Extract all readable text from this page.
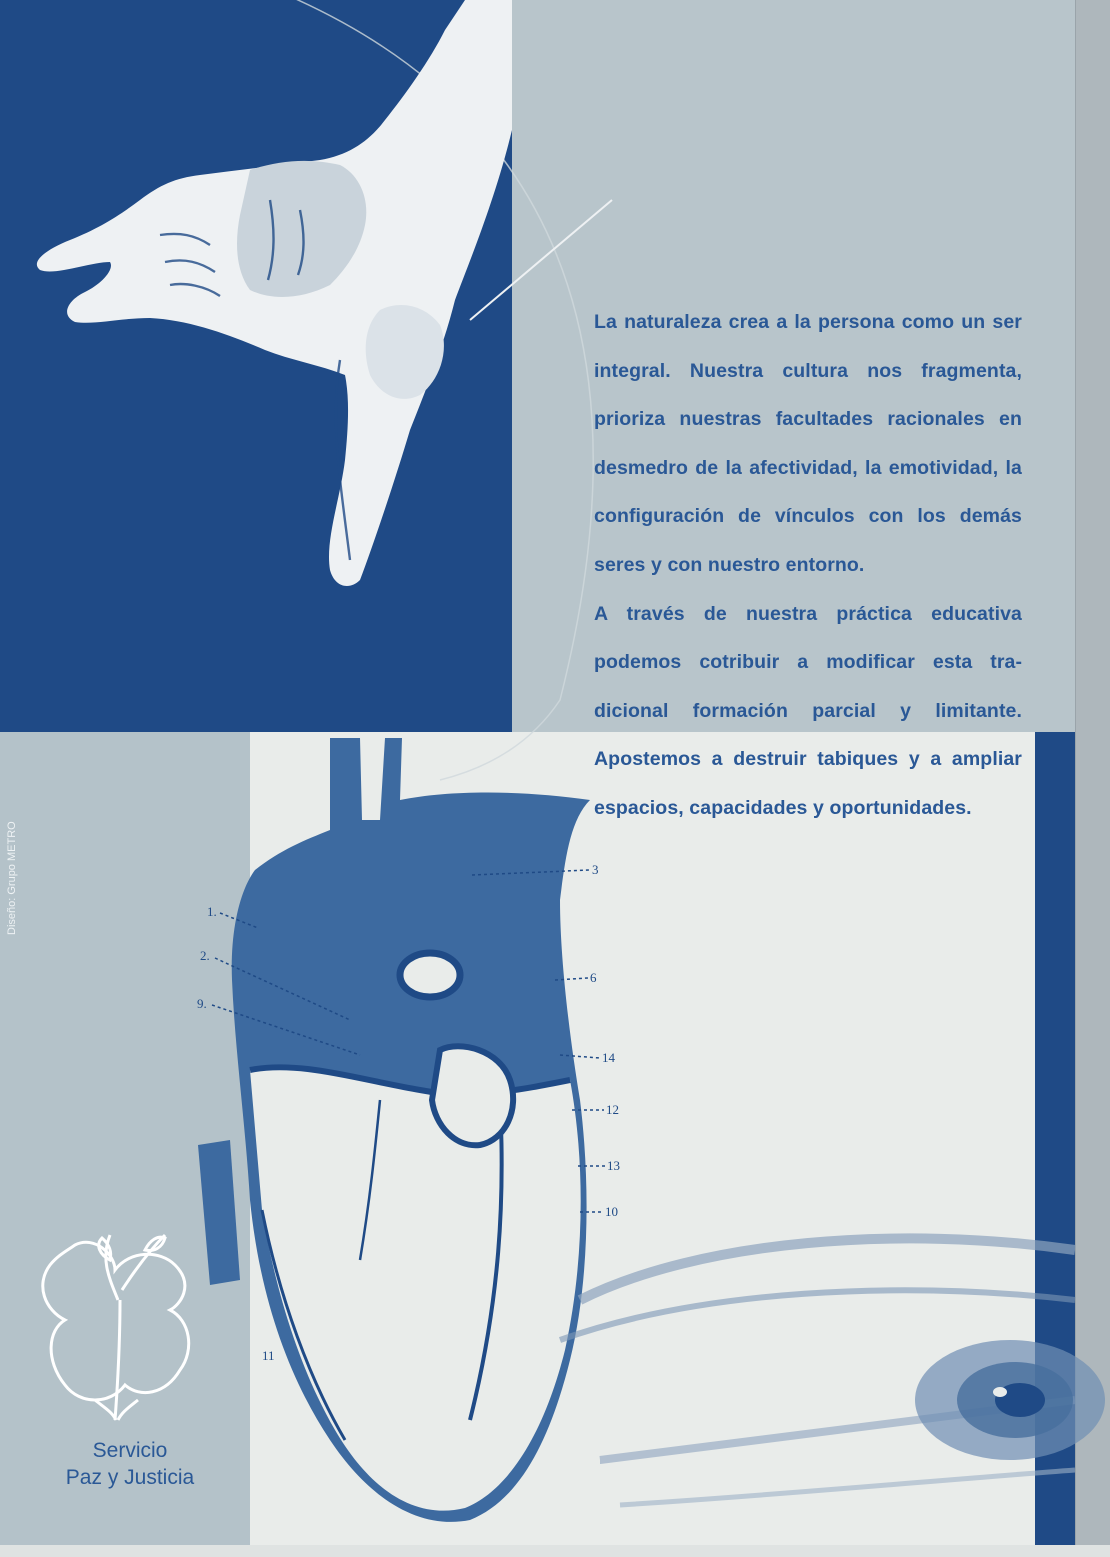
1.
2.
9.
6
14
12
13
10
11
3

La naturaleza crea a la persona como un ser integral. Nuestra cultura nos fragmenta, prioriza nuestras facultades racionales en desmedro de la afectividad, la emotividad, la configuración de vínculos con los demás seres y con nuestro entorno.

A través de nuestra práctica educativa podemos cotribuir a modificar esta tradicional formación parcial y limitante. Apostemos a destruir tabiques y a ampliar espacios, capacidades y oportunidades.

Diseño: Grupo METRO
Servicio
Paz y Justicia
